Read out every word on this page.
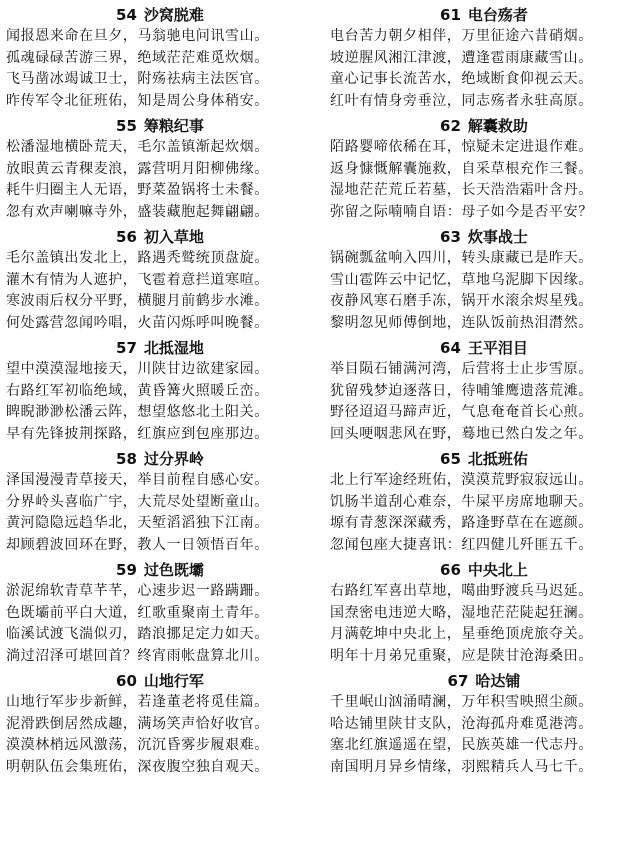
54 沙窝脱难
闻报恩来命在旦夕，马翁驰电问讯雪山。
孤魂碌碌苦游三界，绝域茫茫难觅炊烟。
飞马凿冰竭诚卫士，附殇祛病主法医官。
昨传军令北征班佑，知是周公身体稍安。
55 筹粮纪事
松潘湿地横卧荒天，毛尔盖镇渐起炊烟。
放眼黄云青稞麦浪，露营明月阳柳佛缘。
耗牛归圈主人无语，野菜盈锅将士未餐。
忽有欢声喇嘛寺外，盛装藏胞起舞翩翩。
56 初入草地
毛尔盖镇出发北上，路遇秃鹫统顶盘旋。
灌木有情为人遮护，飞雹着意拦道寒喧。
寒波雨后权分平野，横腿月前鹤步水滩。
何处露营忽闻吟唱，火苗闪烁呼叫晚餐。
57 北抵湿地
望中漠漠湿地接天，川陕甘边欲建家园。
右路红军初临绝域，黄昏篝火照暖丘峦。
睥睨渺渺松潘云阵，想望悠悠北土阳关。
早有先锋披荆探路，红旗应到包座那边。
58 过分界岭
泽国漫漫青草接天，举目前程自感心安。
分界岭头喜临广宇，大荒尽处望断童山。
黄河隐隐远趋华北，天堑滔滔独下江南。
却顾碧波回环在野，教人一日领悟百年。
59 过色既壩
淤泥绵软青草芊芊，心速步迟一路蹒跚。
色既壩前平白大道，红歌重聚南土青年。
临溪试渡飞湍似刃，踏浪挪足定力如天。
淌过沼泽可堪回首？终宵雨帐盘算北川。
60 山地行军
山地行军步步新鲜，若逢董老将觅佳篇。
泥滑跌倒居然成趣，满场笑声恰好收官。
漠漠林梢远风激荡，沉沉昏雾步履艰难。
明朝队伍会集班佑，深夜腹空独自观天。
61 电台殇者
电台苦力朝夕相伴，万里征途六昔硝烟。
坡逆腥风湘江津渡，遭逢雹雨康藏雪山。
童心记事长流苦水，绝域断食仰视云天。
红叶有情身旁垂泣，同志殇者永驻高原。
62 解囊救助
陌路婴啼依稀在耳，惊疑未定进退作难。
返身慷慨解囊施救，自采草根充作三餐。
湿地茫茫荒丘若墓，长天浩浩霜叶含丹。
弥留之际喃喃自语：母子如今是否平安？
63 炊事战士
锅碗瓢盆响入四川，转头康藏已是昨天。
雪山雹阵云中记忆，草地乌泥脚下因缘。
夜静风寒石磨手冻，锅开水滚余烬星残。
黎明忽见师傅倒地，连队饭前热泪潸然。
64 王平泪目
举目陨石铺满河湾，后营将士止步雪原。
犹留残梦迫逐落日，待哺雏鹰遗落荒滩。
野径迢迢马蹄声近，气息奄奄首长心煎。
回头哽咽悲风在野，蓦地已然白发之年。
65 北抵班佑
北上行军途经班佑，漠漠荒野寂寂远山。
饥肠半道刮心难奈，牛屎平房席地聊天。
塬有青葱深深藏秀，路逢野草在在遮颜。
忽闻包座大捷喜讯：红四健儿歼匪五千。
66 中央北上
右路红军喜出草地，噶曲野渡兵马迟延。
国焘密电违逆大略，湿地茫茫陡起狂澜。
月满乾坤中央北上，星垂绝顶虎旅夺关。
明年十月弟兄重聚，应是陕甘沧海桑田。
67 哈达铺
千里岷山汹涌晴澜，万年积雪映照尘颜。
哈达铺里陕甘支队，沧海孤舟难觅港湾。
塞北红旗遥遥在望，民族英雄一代志丹。
南国明月异乡情缘，羽熙精兵人马七千。
